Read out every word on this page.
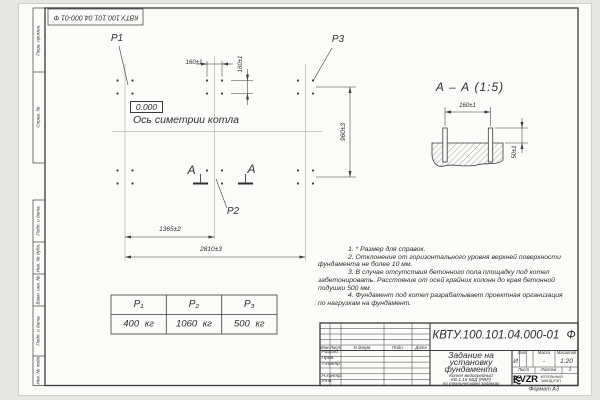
Перв. примен.
Справ. №
Подп. и дата
Инв. № дубл.
Взам. инв. №
Подп. и дата
Инв. № подл.
КВТУ.100.101.04.000-01 Ф
P1	P3
P2
0.000
Ось симетрии котла
А	А
160±1	160±1
960±3
1365±2
2810±3
А – А (1:5)
160±1
50±1
P₁	P₂	P₃
400 кг 1060 кг 500 кг
1. * Размер для справок.
2. Отклонение от горизонтального уровня верхней поверхности
фундамента не более 10 мм.
3. В случае отсутствия бетонного пола площадку под котел
забетонировать. Расстояние от осей крайних колонн до края бетонной
подушки 500 мм.
4. Фундамент под котел разрабатывает проектная организация
по нагрузкам на фундамент.
КВТУ.100.101.04.000-01 Ф
Изм. Лист	N докум.	Подп.	Дата
Разраб.
Пров.
Т.контр.
Н.контр.
Утв.
Задание на
установку
фундамента
Котел водогрейный
КВ-1,16 КБД (РВР)
по техническому заданию
Лит. Масса Масштаб
И	- 1:20
Лист	Листов 1
KVZR КОТЕЛЬНЫЙ
ЗАВОД РЭП
Формат А3
